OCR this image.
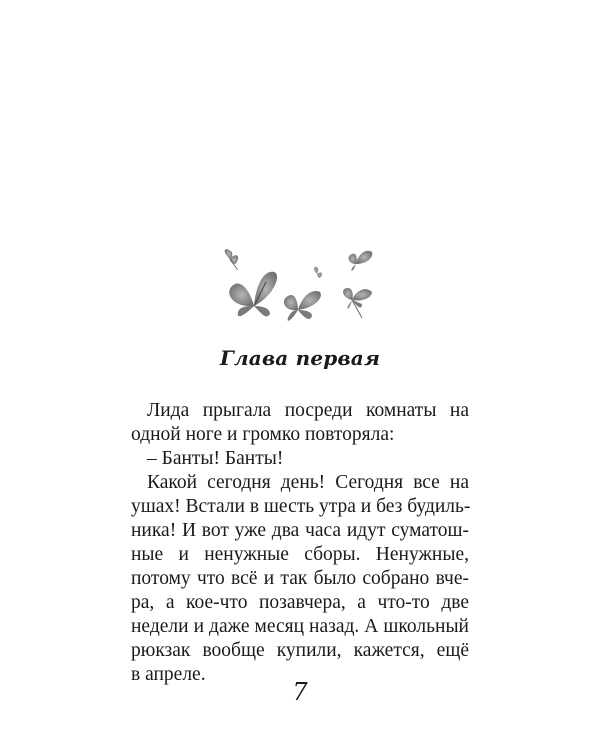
Глава первая
Лида прыгала посреди комнаты на
одной ноге и громко повторяла:
– Банты! Банты!
Какой сегодня день! Сегодня все на
ушах! Встали в шесть утра и без будиль-
ника! И вот уже два часа идут суматош-
ные и ненужные сборы. Ненужные,
потому что всё и так было собрано вче-
ра, а кое-что позавчера, а что-то две
недели и даже месяц назад. А школьный
рюкзак вообще купили, кажется, ещё
в апреле.
7
